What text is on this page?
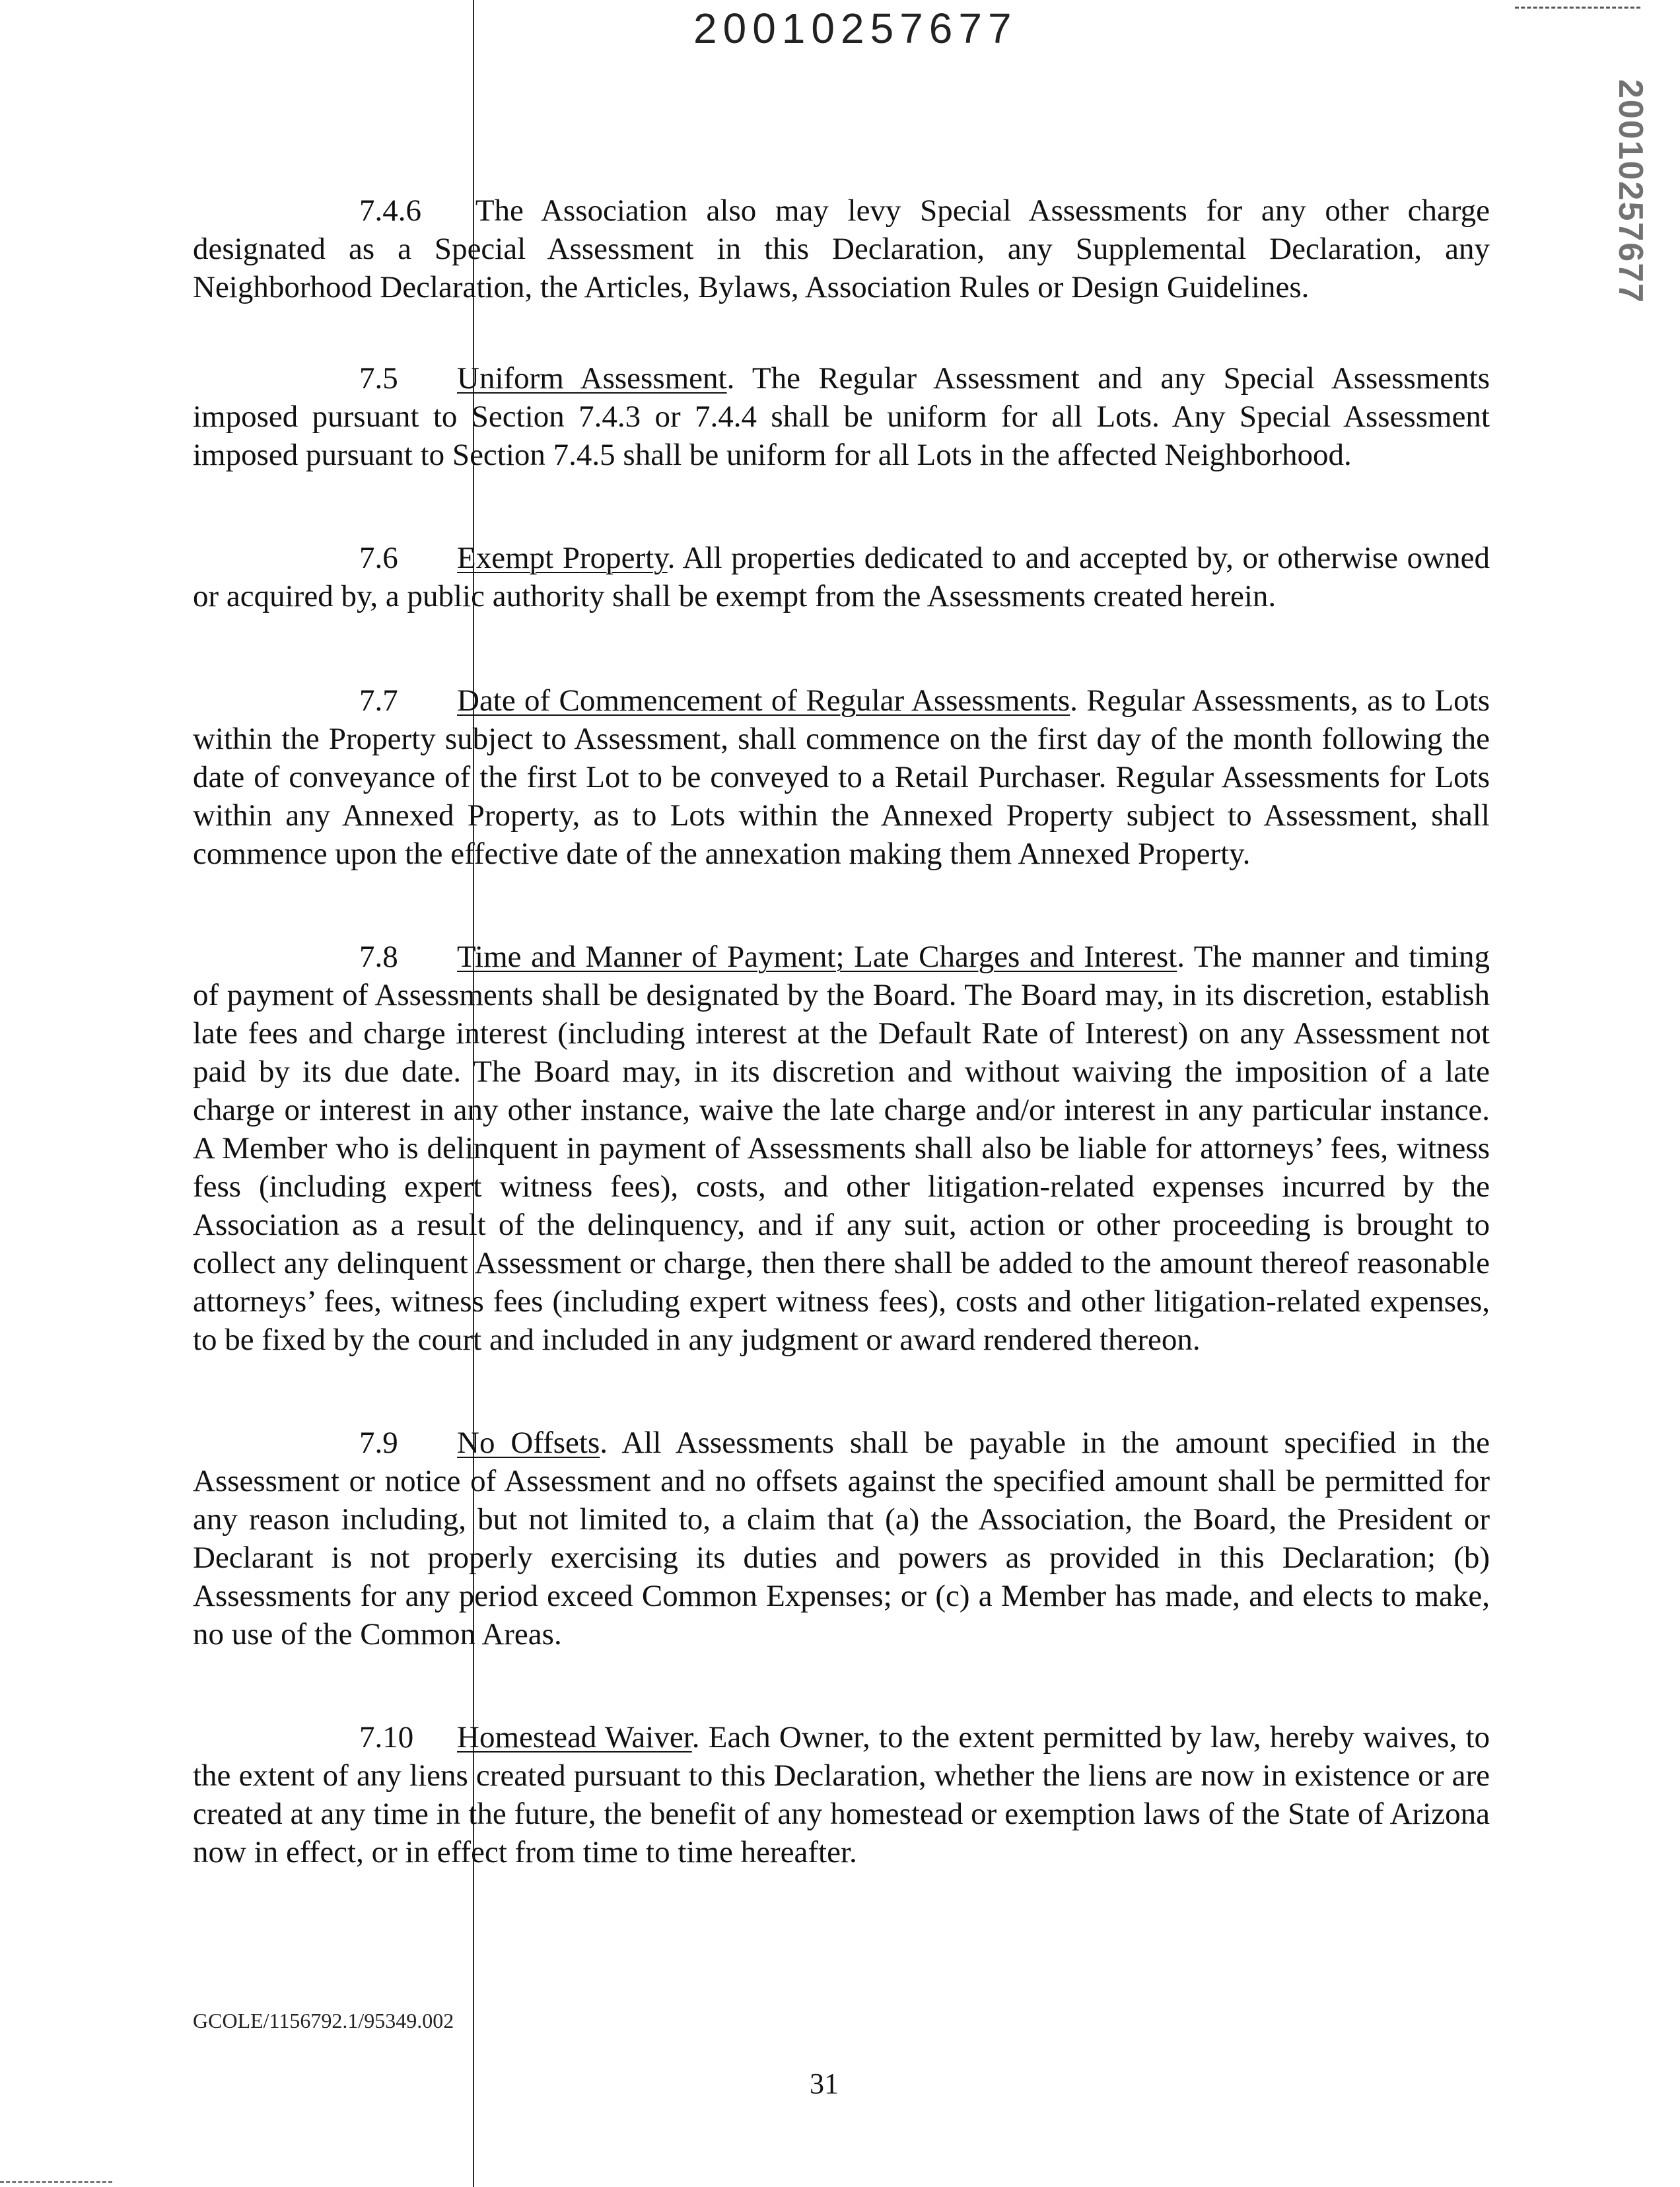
20010257677
20010257677

7.4.6 The Association also may levy Special Assessments for any other charge designated as a Special Assessment in this Declaration, any Supplemental Declaration, any Neighborhood Declaration, the Articles, Bylaws, Association Rules or Design Guidelines.

7.5 Uniform Assessment. The Regular Assessment and any Special Assessments imposed pursuant to Section 7.4.3 or 7.4.4 shall be uniform for all Lots. Any Special Assessment imposed pursuant to Section 7.4.5 shall be uniform for all Lots in the affected Neighborhood.

7.6 Exempt Property. All properties dedicated to and accepted by, or otherwise owned or acquired by, a public authority shall be exempt from the Assessments created herein.

7.7 Date of Commencement of Regular Assessments. Regular Assessments, as to Lots within the Property subject to Assessment, shall commence on the first day of the month following the date of conveyance of the first Lot to be conveyed to a Retail Purchaser. Regular Assessments for Lots within any Annexed Property, as to Lots within the Annexed Property subject to Assessment, shall commence upon the effective date of the annexation making them Annexed Property.

7.8 Time and Manner of Payment; Late Charges and Interest. The manner and timing of payment of Assessments shall be designated by the Board. The Board may, in its discretion, establish late fees and charge interest (including interest at the Default Rate of Interest) on any Assessment not paid by its due date. The Board may, in its discretion and without waiving the imposition of a late charge or interest in any other instance, waive the late charge and/or interest in any particular instance. A Member who is delinquent in payment of Assessments shall also be liable for attorneys’ fees, witness fess (including expert witness fees), costs, and other litigation-related expenses incurred by the Association as a result of the delinquency, and if any suit, action or other proceeding is brought to collect any delinquent Assessment or charge, then there shall be added to the amount thereof reasonable attorneys’ fees, witness fees (including expert witness fees), costs and other litigation-related expenses, to be fixed by the court and included in any judgment or award rendered thereon.

7.9 No Offsets. All Assessments shall be payable in the amount specified in the Assessment or notice of Assessment and no offsets against the specified amount shall be permitted for any reason including, but not limited to, a claim that (a) the Association, the Board, the President or Declarant is not properly exercising its duties and powers as provided in this Declaration; (b) Assessments for any period exceed Common Expenses; or (c) a Member has made, and elects to make, no use of the Common Areas.

7.10 Homestead Waiver. Each Owner, to the extent permitted by law, hereby waives, to the extent of any liens created pursuant to this Declaration, whether the liens are now in existence or are created at any time in the future, the benefit of any homestead or exemption laws of the State of Arizona now in effect, or in effect from time to time hereafter.

GCOLE/1156792.1/95349.002
31
